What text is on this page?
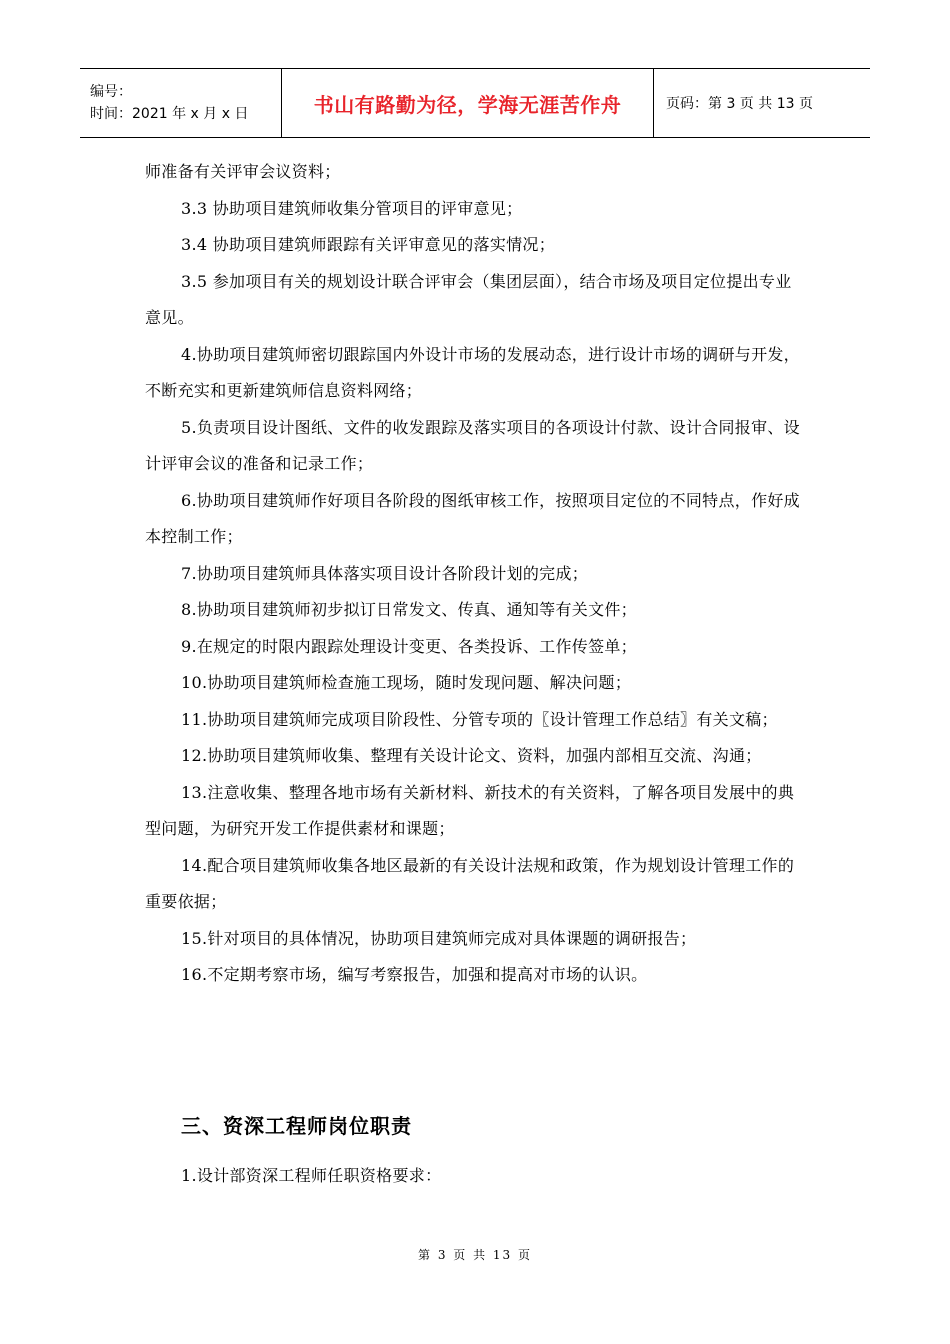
编号：
时间：2021 年 x 月 x 日	书山有路勤为径，学海无涯苦作舟	页码：第 3 页 共 13 页

师准备有关评审会议资料；

3.3 协助项目建筑师收集分管项目的评审意见；

3.4 协助项目建筑师跟踪有关评审意见的落实情况；

3.5 参加项目有关的规划设计联合评审会（集团层面），结合市场及项目定位提出专业意见。

4.协助项目建筑师密切跟踪国内外设计市场的发展动态，进行设计市场的调研与开发，不断充实和更新建筑师信息资料网络；

5.负责项目设计图纸、文件的收发跟踪及落实项目的各项设计付款、设计合同报审、设计评审会议的准备和记录工作；

6.协助项目建筑师作好项目各阶段的图纸审核工作，按照项目定位的不同特点，作好成本控制工作；

7.协助项目建筑师具体落实项目设计各阶段计划的完成；

8.协助项目建筑师初步拟订日常发文、传真、通知等有关文件；

9.在规定的时限内跟踪处理设计变更、各类投诉、工作传签单；

10.协助项目建筑师检查施工现场，随时发现问题、解决问题；

11.协助项目建筑师完成项目阶段性、分管专项的〖设计管理工作总结〗有关文稿；

12.协助项目建筑师收集、整理有关设计论文、资料，加强内部相互交流、沟通；

13.注意收集、整理各地市场有关新材料、新技术的有关资料，了解各项目发展中的典型问题，为研究开发工作提供素材和课题；

14.配合项目建筑师收集各地区最新的有关设计法规和政策，作为规划设计管理工作的重要依据；

15.针对项目的具体情况，协助项目建筑师完成对具体课题的调研报告；

16.不定期考察市场，编写考察报告，加强和提高对市场的认识。

三、资深工程师岗位职责
1.设计部资深工程师任职资格要求：
第 3 页 共 13 页
